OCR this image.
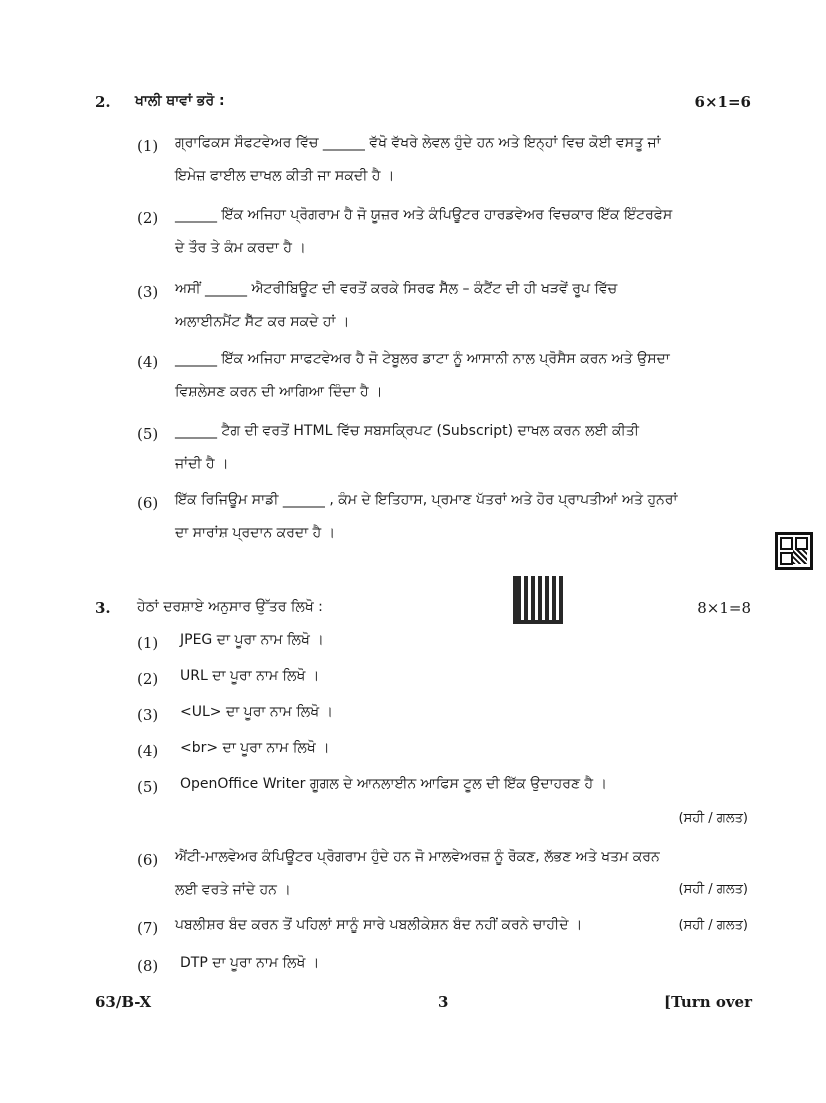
2. ਖਾਲੀ ਥਾਵਾਂ ਭਰੋ :	6×1=6
(1) ਗ੍ਰਾਫਿਕਸ ਸੌਫਟਵੇਅਰ ਵਿੱਚ ______ ਵੱਖੋ ਵੱਖਰੇ ਲੇਵਲ ਹੁੰਦੇ ਹਨ ਅਤੇ ਇਨ੍ਹਾਂ ਵਿਚ ਕੋਈ ਵਸਤੂ ਜਾਂ
ਇਮੇਜ਼ ਫਾਈਲ ਦਾਖਲ ਕੀਤੀ ਜਾ ਸਕਦੀ ਹੈ ।
(2) ______ ਇੱਕ ਅਜਿਹਾ ਪ੍ਰੋਗਰਾਮ ਹੈ ਜੋ ਯੂਜ਼ਰ ਅਤੇ ਕੰਪਿਊਟਰ ਹਾਰਡਵੇਅਰ ਵਿਚਕਾਰ ਇੱਕ ਇੰਟਰਫੇਸ
ਦੇ ਤੌਰ ਤੇ ਕੰਮ ਕਰਦਾ ਹੈ ।
(3) ਅਸੀਂ ______ ਐਟਰੀਬਿਊਟ ਦੀ ਵਰਤੋਂ ਕਰਕੇ ਸਿਰਫ ਸੈੱਲ – ਕੰਟੈਂਟ ਦੀ ਹੀ ਖੜਵੇਂ ਰੂਪ ਵਿੱਚ
ਅਲਾਈਨਮੈਂਟ ਸੈੱਟ ਕਰ ਸਕਦੇ ਹਾਂ ।
(4) ______ ਇੱਕ ਅਜਿਹਾ ਸਾਫਟਵੇਅਰ ਹੈ ਜੋ ਟੇਬੂਲਰ ਡਾਟਾ ਨੂੰ ਆਸਾਨੀ ਨਾਲ ਪ੍ਰੋਸੈਸ ਕਰਨ ਅਤੇ ਉਸਦਾ
ਵਿਸ਼ਲੇਸਣ ਕਰਨ ਦੀ ਆਗਿਆ ਦਿੰਦਾ ਹੈ ।
(5) ______ ਟੈਗ ਦੀ ਵਰਤੋਂ HTML ਵਿੱਚ ਸਬਸਕ੍ਰਿਪਟ (Subscript) ਦਾਖਲ ਕਰਨ ਲਈ ਕੀਤੀ
ਜਾਂਦੀ ਹੈ ।
(6) ਇੱਕ ਰਿਜਿਊਮ ਸਾਡੀ ______ , ਕੰਮ ਦੇ ਇਤਿਹਾਸ, ਪ੍ਰਮਾਣ ਪੱਤਰਾਂ ਅਤੇ ਹੋਰ ਪ੍ਰਾਪਤੀਆਂ ਅਤੇ ਹੁਨਰਾਂ
ਦਾ ਸਾਰਾਂਸ਼ ਪ੍ਰਦਾਨ ਕਰਦਾ ਹੈ ।
3. ਹੇਠਾਂ ਦਰਸ਼ਾਏ ਅਨੁਸਾਰ ਉੱਤਰ ਲਿਖੋ :	8×1=8
(1) JPEG ਦਾ ਪੂਰਾ ਨਾਮ ਲਿਖੋ ।
(2) URL ਦਾ ਪੂਰਾ ਨਾਮ ਲਿਖੋ ।
(3) <UL> ਦਾ ਪੂਰਾ ਨਾਮ ਲਿਖੋ ।
(4) <br> ਦਾ ਪੂਰਾ ਨਾਮ ਲਿਖੋ ।
(5) OpenOffice Writer ਗੂਗਲ ਦੇ ਆਨਲਾਈਨ ਆਫਿਸ ਟੂਲ ਦੀ ਇੱਕ ਉਦਾਹਰਣ ਹੈ ।
(ਸਹੀ / ਗਲਤ)
(6) ਐਂਟੀ-ਮਾਲਵੇਅਰ ਕੰਪਿਊਟਰ ਪ੍ਰੋਗਰਾਮ ਹੁੰਦੇ ਹਨ ਜੋ ਮਾਲਵੇਅਰਜ਼ ਨੂੰ ਰੋਕਣ, ਲੱਭਣ ਅਤੇ ਖਤਮ ਕਰਨ
ਲਈ ਵਰਤੇ ਜਾਂਦੇ ਹਨ ।	(ਸਹੀ / ਗਲਤ)
(7) ਪਬਲੀਸ਼ਰ ਬੰਦ ਕਰਨ ਤੋਂ ਪਹਿਲਾਂ ਸਾਨੂੰ ਸਾਰੇ ਪਬਲੀਕੇਸ਼ਨ ਬੰਦ ਨਹੀਂ ਕਰਨੇ ਚਾਹੀਦੇ ।	(ਸਹੀ / ਗਲਤ)
(8) DTP ਦਾ ਪੂਰਾ ਨਾਮ ਲਿਖੋ ।
63/B-X	3	[Turn over
